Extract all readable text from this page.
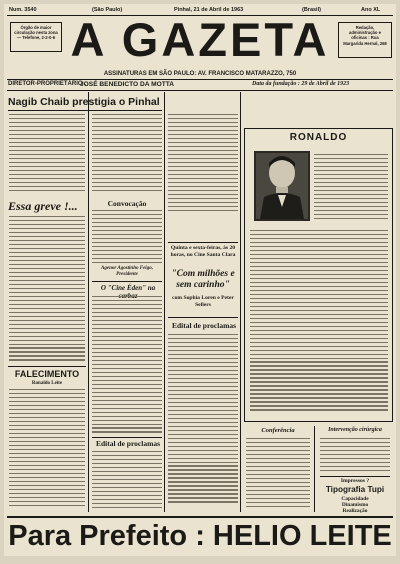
Num. 3540	(São Paulo)	Pinhal, 21 de Abril de 1963	(Brasil)	Ano XL
Órgão de maior circulação nesta zona — Telefone, 2-2-0-6 A GAZETA	Redação, administração e oficinas : Rua Margarida Hernal, 268
ASSINATURAS EM SÃO PAULO: AV. FRANCISCO MATARAZZO, 750
DIRETOR-PROPRIETÁRIO :
JOSÉ BENEDICTO DA MOTTA	Data da fundação : 29 de Abril de 1923
Nagib Chaib prestigia o Pinhal
Essa greve !...
FALECIMENTO
Ronaldo Leite
Convocação
Agenor Agostinho Feigo, Presidente
O "Cine Éden" na
Edital de proclamas
Quinta e sexta-feiras, às 20 horas, no Cine Santa Clara
"Com milhões e sem carinho"
com Sophia Loren e Peter Sellers
Edital de proclamas
RONALDO
Conferência	Intervenção cirúrgica
Impressos ?
Tipografia Tupi
Capacidade
Dinamismo
Realização
Para Prefeito : HELIO LEITE
